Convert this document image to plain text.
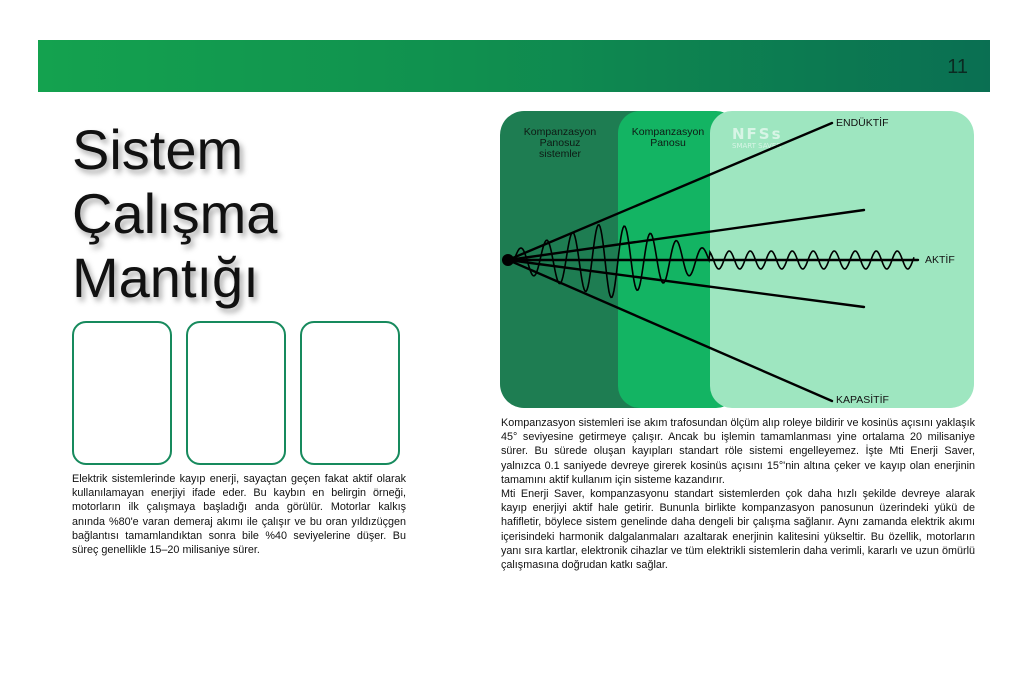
11
Sistem
Çalışma
Mantığı

Elektrik sistemlerinde kayıp enerji, sayaçtan geçen fakat aktif olarak kullanılamayan enerjiyi ifade eder. Bu kaybın en belirgin örneği, motorların ilk çalışmaya başladığı anda görülür. Motorlar kalkış anında %80'e varan demeraj akımı ile çalışır ve bu oran yıldızüçgen bağlantısı tamamlandıktan sonra bile %40 seviyelerine düşer. Bu süreç genellikle 15–20 milisaniye sürer.

Kompanzasyon
Panosuz
sistemler
Kompanzasyon
Panosu	NFSs
SMART SAVER
ENDÜKTİF
AKTİF
KAPASİTİF

Kompanzasyon sistemleri ise akım trafosundan ölçüm alıp roleye bildirir ve kosinüs açısını yaklaşık 45° seviyesine getirmeye çalışır. Ancak bu işlemin tamamlanması yine ortalama 20 milisaniye sürer. Bu sürede oluşan kayıpları standart röle sistemi engelleyemez. İşte Mti Enerji Saver, yalnızca 0.1 saniyede devreye girerek kosinüs açısını 15°'nin altına çeker ve kayıp olan enerjinin tamamını aktif kullanım için sisteme kazandırır.

Mti Enerji Saver, kompanzasyonu standart sistemlerden çok daha hızlı şekilde devreye alarak kayıp enerjiyi aktif hale getirir. Bununla birlikte kompanzasyon panosunun üzerindeki yükü de hafifletir, böylece sistem genelinde daha dengeli bir çalışma sağlanır. Aynı zamanda elektrik akımı içerisindeki harmonik dalgalanmaları azaltarak enerjinin kalitesini yükseltir. Bu özellik, motorların yanı sıra kartlar, elektronik cihazlar ve tüm elektrikli sistemlerin daha verimli, kararlı ve uzun ömürlü çalışmasına doğrudan katkı sağlar.
